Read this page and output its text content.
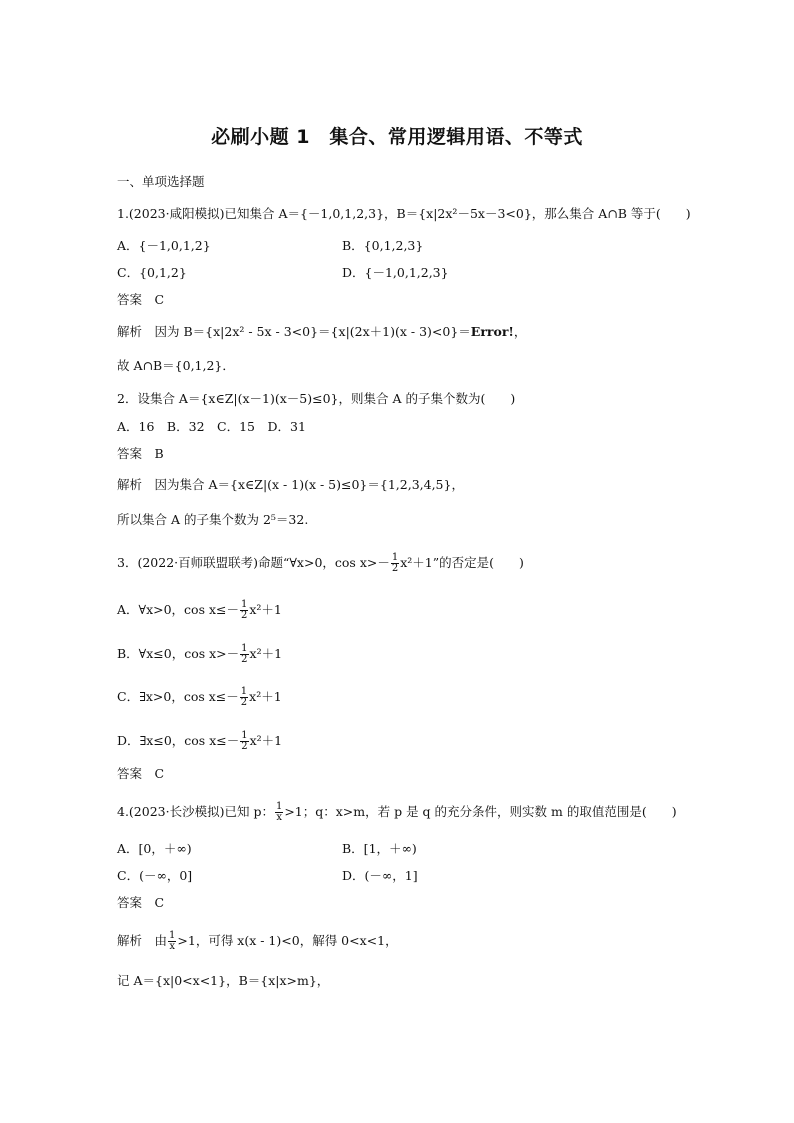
必刷小题 1　集合、常用逻辑用语、不等式
一、单项选择题
1.(2023·咸阳模拟)已知集合 A＝{－1,0,1,2,3}，B＝{x|2x²－5x－3<0}，那么集合 A∩B 等于(　　)
A．{－1,0,1,2}	B．{0,1,2,3}
C．{0,1,2}	D．{－1,0,1,2,3}
答案　C
解析　因为 B＝{x|2x² - 5x - 3<0}＝{x|(2x＋1)(x - 3)<0}＝Error!，
故 A∩B＝{0,1,2}．
2．设集合 A＝{x∈Z|(x－1)(x－5)≤0}，则集合 A 的子集个数为(　　)
A．16　B．32　C．15　D．31
答案　B
解析　因为集合 A＝{x∈Z|(x - 1)(x - 5)≤0}＝{1,2,3,4,5}，
所以集合 A 的子集个数为 2⁵＝32.
3．(2022·百师联盟联考)命题“∀x>0，$\cos x>- \frac{1}{2} x^2+1$”的否定是(　　)
A．∀x>0，$\cos x\le- \frac{1}{2} x^2+1$
B．∀x≤0，$\cos x>- \frac{1}{2} x^2+1$
C．∃x>0，$\cos x\le- \frac{1}{2} x^2+1$
D．∃x≤0，$\cos x\le- \frac{1}{2} x^2+1$
答案　C
4.(2023·长沙模拟)已知 p： $\frac{1}{x} >1$；q：x>m，若 p 是 q 的充分条件，则实数 m 的取值范围是(　　)
A．[0，＋∞)	B．[1，＋∞)
C．(－∞，0]	D．(－∞，1]
答案　C
解析　由 $\frac{1}{x} >1$，可得 x(x - 1)<0，解得 0<x<1，
记 A＝{x|0<x<1}，B＝{x|x>m}，
